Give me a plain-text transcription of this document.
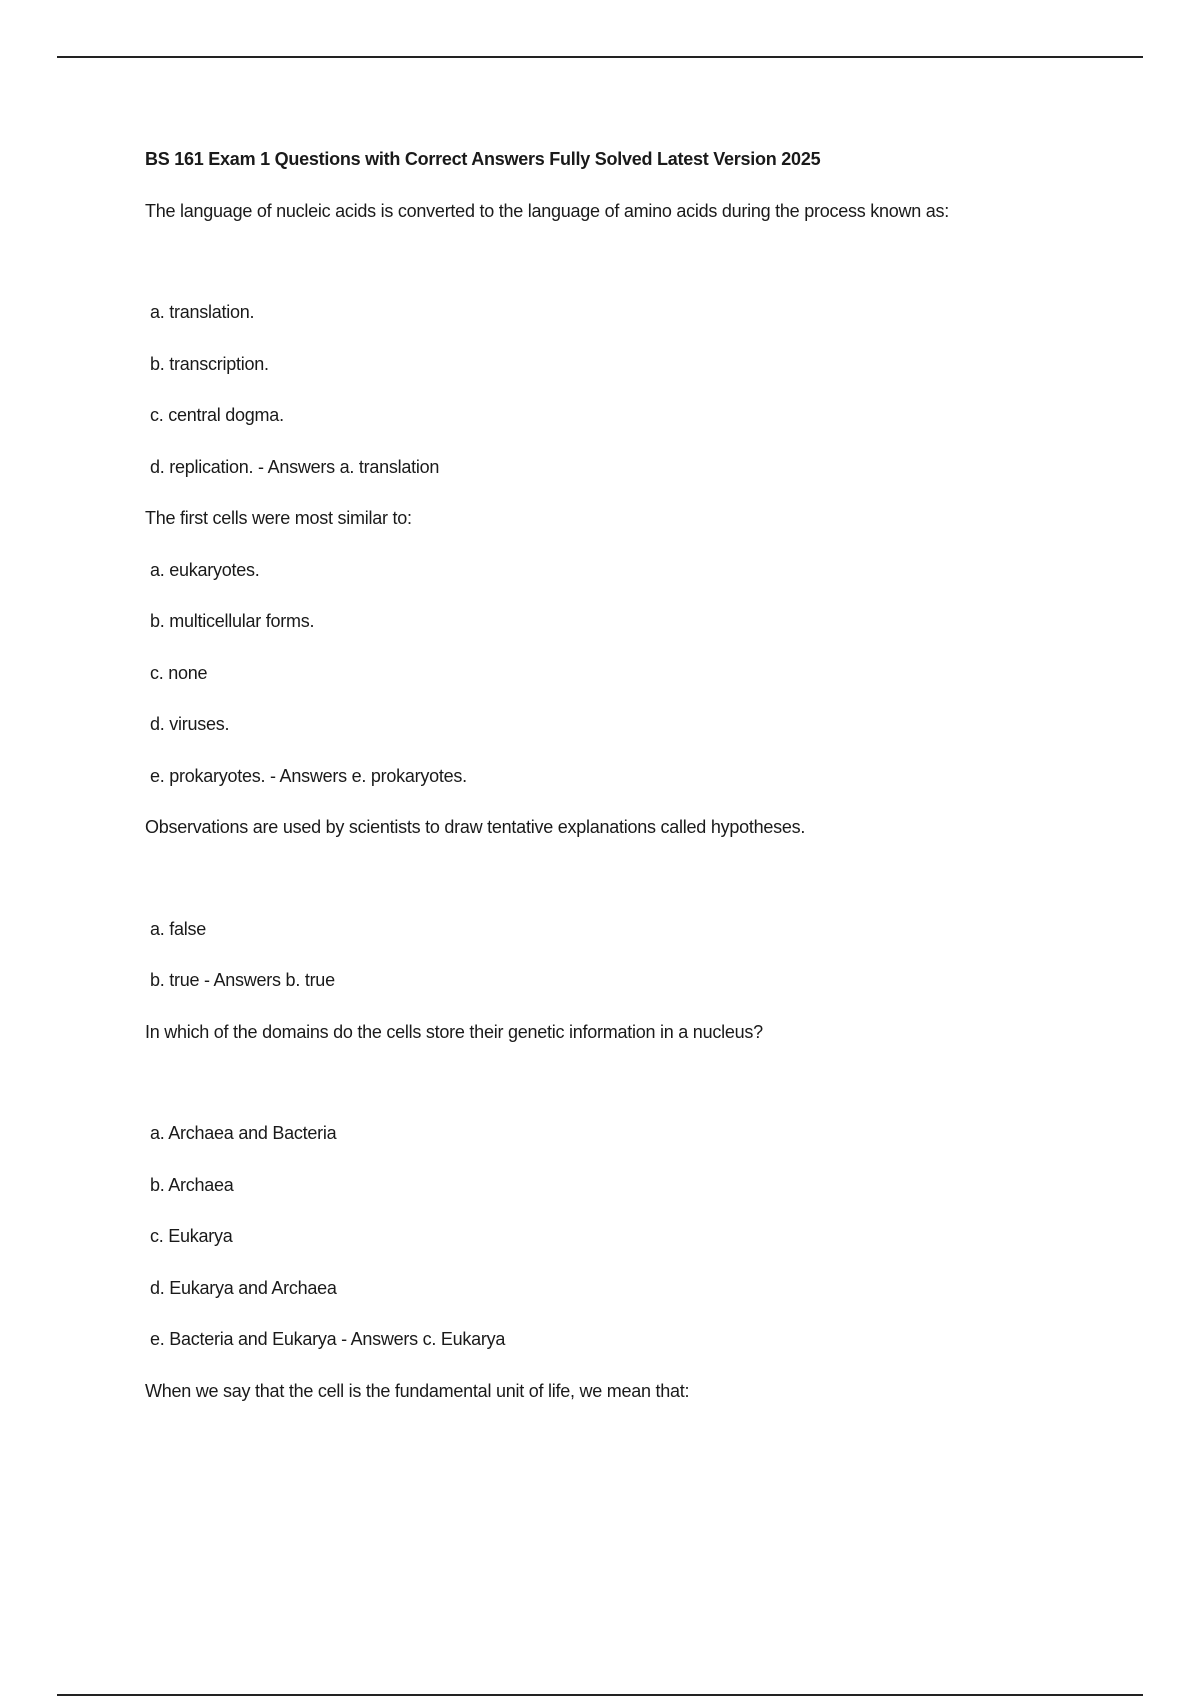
BS 161 Exam 1 Questions with Correct Answers Fully Solved Latest Version 2025
The language of nucleic acids is converted to the language of amino acids during the process known as:
a. translation.
b. transcription.
c. central dogma.
d. replication. - Answers a. translation
The first cells were most similar to:
a. eukaryotes.
b. multicellular forms.
c. none
d. viruses.
e. prokaryotes. - Answers e. prokaryotes.
Observations are used by scientists to draw tentative explanations called hypotheses.
a. false
b. true - Answers b. true
In which of the domains do the cells store their genetic information in a nucleus?
a. Archaea and Bacteria
b. Archaea
c. Eukarya
d. Eukarya and Archaea
e. Bacteria and Eukarya - Answers c. Eukarya
When we say that the cell is the fundamental unit of life, we mean that:
